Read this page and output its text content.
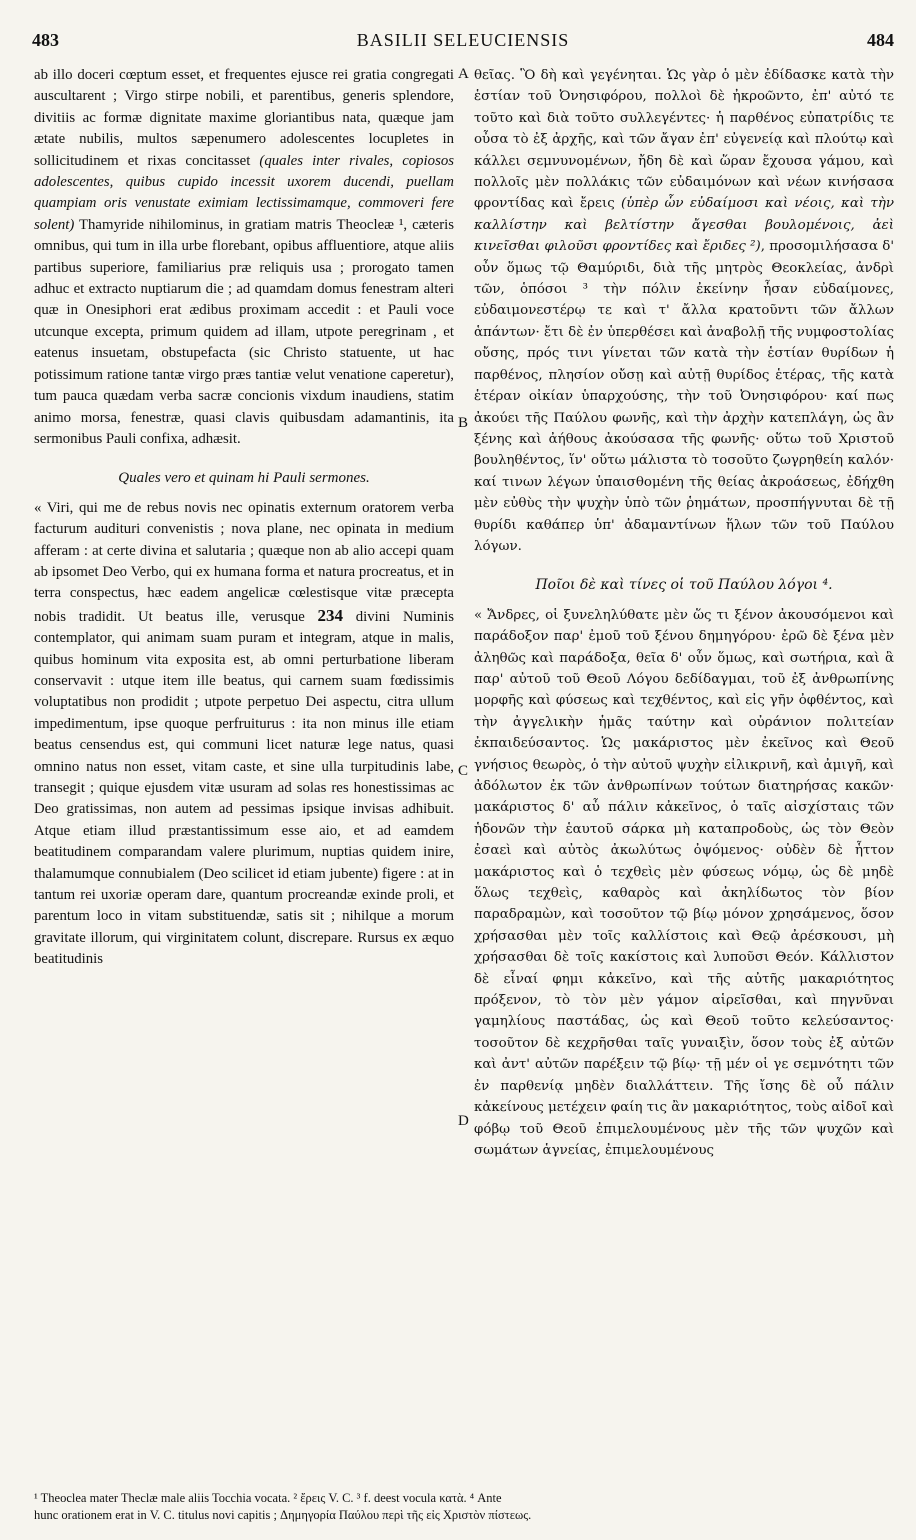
483	BASILII SELEUCIENSIS	484
A
B
C
D

ab illo doceri cœptum esset, et frequentes ejusce rei gratia congregati auscultarent ; Virgo stirpe nobili, et parentibus, generis splendore, divitiis ac formæ dignitate maxime gloriantibus nata, quæque jam ætate nubilis, multos sæpenumero adolescentes locupletes in sollicitudinem et rixas concitasset (quales inter rivales, copiosos adolescentes, quibus cupido incessit uxorem ducendi, puellam quampiam oris venustate eximiam lectissimamque, commoveri fere solent) Thamyride nihilominus, in gratiam matris Theocleæ ¹, cæteris omnibus, qui tum in illa urbe florebant, opibus affluentiore, atque aliis partibus superiore, familiarius præ reliquis usa ; prorogato tamen adhuc et extracto nuptiarum die ; ad quamdam domus fenestram alteri quæ in Onesiphori erat ædibus proximam accedit : et Pauli voce utcunque excepta, primum quidem ad illam, utpote peregrinam , et eatenus insuetam, obstupefacta (sic Christo statuente, ut hac potissimum ratione tantæ virgo præs tantiæ velut venatione caperetur), tum pauca quædam verba sacræ concionis vixdum inaudiens, statim animo morsa, fenestræ, quasi clavis quibusdam adamantinis, ita sermonibus Pauli confixa, adhæsit.

Quales vero et quinam hi Pauli sermones.

« Viri, qui me de rebus novis nec opinatis externum oratorem verba facturum audituri convenistis ; nova plane, nec opinata in medium afferam : at certe divina et salutaria ; quæque non ab alio accepi quam ab ipsomet Deo Verbo, qui ex humana forma et natura procreatus, et in terra conspectus, hæc eadem angelicæ cœlestisque vitæ præcepta nobis tradidit. Ut beatus ille, verusque 234 divini Numinis contemplator, qui animam suam puram et integram, atque in malis, quibus hominum vita exposita est, ab omni perturbatione liberam conservavit : utque item ille beatus, qui carnem suam fœdissimis voluptatibus non prodidit ; utpote perpetuo Dei aspectu, citra ullum impedimentum, ipse quoque perfruiturus : ita non minus ille etiam beatus censendus est, qui communi licet naturæ lege natus, quasi omnino natus non esset, vitam caste, et sine ulla turpitudinis labe, transegit ; quique ejusdem vitæ usuram ad solas res honestissimas ac Deo gratissimas, non autem ad pessimas ipsique invisas adhibuit. Atque etiam illud præstantissimum esse aio, et ad eamdem beatitudinem comparandam valere plurimum, nuptias quidem inire, thalamumque connubialem (Deo scilicet id etiam jubente) figere : at in tantum rei uxoriæ operam dare, quantum procreandæ exinde proli, et parentum loco in vitam substituendæ, satis sit ; nihilque a morum gravitate illorum, qui virginitatem colunt, discrepare. Rursus ex æquo beatitudinis

θεῖας. Ὃ δὴ καὶ γεγένηται. Ὡς γὰρ ὁ μὲν ἐδίδασκε κατὰ τὴν ἑστίαν τοῦ Ὀνησιφόρου, πολλοὶ δὲ ἠκροῶντο, ἐπ' αὐτό τε τοῦτο καὶ διὰ τοῦτο συλλεγέντες· ἡ παρθένος εὐπατρίδις τε οὖσα τὸ ἐξ ἀρχῆς, καὶ τῶν ἄγαν ἐπ' εὐγενείᾳ καὶ πλούτῳ καὶ κάλλει σεμνυνομένων, ἤδη δὲ καὶ ὥραν ἔχουσα γάμου, καὶ πολλοῖς μὲν πολλάκις τῶν εὐδαιμόνων καὶ νέων κινήσασα φροντίδας καὶ ἔρεις (ὑπὲρ ὧν εὐδαίμοσι καὶ νέοις, καὶ τὴν καλλίστην καὶ βελτίστην ἄγεσθαι βουλομένοις, ἀεὶ κινεῖσθαι φιλοῦσι φροντίδες καὶ ἔριδες ²), προσομιλήσασα δ' οὖν ὅμως τῷ Θαμύριδι, διὰ τῆς μητρὸς Θεοκλείας, ἀνδρὶ τῶν, ὁπόσοι ³ τὴν πόλιν ἐκείνην ἦσαν εὐδαίμονες, εὐδαιμονεστέρῳ τε καὶ τ' ἄλλα κρατοῦντι τῶν ἄλλων ἁπάντων· ἔτι δὲ ἐν ὑπερθέσει καὶ ἀναβολῇ τῆς νυμφοστολίας οὔσης, πρός τινι γίνεται τῶν κατὰ τὴν ἑστίαν θυρίδων ἡ παρθένος, πλησίον οὔσῃ καὶ αὐτῇ θυρίδος ἑτέρας, τῆς κατὰ ἑτέραν οἰκίαν ὑπαρχούσης, τὴν τοῦ Ὀνησιφόρου· καί πως ἀκούει τῆς Παύλου φωνῆς, καὶ τὴν ἀρχὴν κατεπλάγη, ὡς ἂν ξένης καὶ ἀήθους ἀκούσασα τῆς φωνῆς· οὕτω τοῦ Χριστοῦ βουληθέντος, ἵν' οὕτω μάλιστα τὸ τοσοῦτο ζωγρηθείη καλόν· καί τινων λέγων ὑπαισθομένη τῆς θείας ἀκροάσεως, ἐδήχθη μὲν εὐθὺς τὴν ψυχὴν ὑπὸ τῶν ῥημάτων, προσπήγνυται δὲ τῇ θυρίδι καθάπερ ὑπ' ἀδαμαντίνων ἥλων τῶν τοῦ Παύλου λόγων.

Ποῖοι δὲ καὶ τίνες οἱ τοῦ Παύλου λόγοι ⁴.

« Ἄνδρες, οἱ ξυνεληλύθατε μὲν ὥς τι ξένον ἀκουσόμενοι καὶ παράδοξον παρ' ἐμοῦ τοῦ ξένου δημηγόρου· ἐρῶ δὲ ξένα μὲν ἀληθῶς καὶ παράδοξα, θεῖα δ' οὖν ὅμως, καὶ σωτήρια, καὶ ἃ παρ' αὐτοῦ τοῦ Θεοῦ Λόγου δεδίδαγμαι, τοῦ ἐξ ἀνθρωπίνης μορφῆς καὶ φύσεως καὶ τεχθέντος, καὶ εἰς γῆν ὀφθέντος, καὶ τὴν ἀγγελικὴν ἡμᾶς ταύτην καὶ οὐράνιον πολιτείαν ἐκπαιδεύσαντος. Ὡς μακάριστος μὲν ἐκεῖνος καὶ Θεοῦ γνήσιος θεωρὸς, ὁ τὴν αὐτοῦ ψυχὴν εἰλικρινῆ, καὶ ἀμιγῆ, καὶ ἀδόλωτον ἐκ τῶν ἀνθρωπίνων τούτων διατηρήσας κακῶν· μακάριστος δ' αὖ πάλιν κἀκεῖνος, ὁ ταῖς αἰσχίσταις τῶν ἡδονῶν τὴν ἑαυτοῦ σάρκα μὴ καταπροδοὺς, ὡς τὸν Θεὸν ἐσαεὶ καὶ αὐτὸς ἀκωλύτως ὀψόμενος· οὐδὲν δὲ ἧττον μακάριστος καὶ ὁ τεχθεὶς μὲν φύσεως νόμῳ, ὡς δὲ μηδὲ ὅλως τεχθεὶς, καθαρὸς καὶ ἀκηλίδωτος τὸν βίον παραδραμὼν, καὶ τοσοῦτον τῷ βίῳ μόνον χρησάμενος, ὅσον χρήσασθαι μὲν τοῖς καλλίστοις καὶ Θεῷ ἀρέσκουσι, μὴ χρήσασθαι δὲ τοῖς κακίστοις καὶ λυποῦσι Θεόν. Κάλλιστον δὲ εἶναί φημι κἀκεῖνο, καὶ τῆς αὐτῆς μακαριότητος πρόξενον, τὸ τὸν μὲν γάμον αἱρεῖσθαι, καὶ πηγνῦναι γαμηλίους παστάδας, ὡς καὶ Θεοῦ τοῦτο κελεύσαντος· τοσοῦτον δὲ κεχρῆσθαι ταῖς γυναιξὶν, ὅσον τοὺς ἐξ αὐτῶν καὶ ἀντ' αὐτῶν παρέξειν τῷ βίῳ· τῇ μέν οἱ γε σεμνότητι τῶν ἐν παρθενίᾳ μηδὲν διαλλάττειν. Τῆς ἴσης δὲ οὖ πάλιν κἀκείνους μετέχειν φαίη τις ἂν μακαριότητος, τοὺς αἰδοῖ καὶ φόβῳ τοῦ Θεοῦ ἐπιμελουμένους μὲν τῆς τῶν ψυχῶν καὶ σωμάτων ἁγνείας, ἐπιμελουμένους

¹ Theoclea mater Theclæ male aliis Tocchia vocata. ² ἔρεις V. C. ³ f. deest vocula κατὰ. ⁴ Ante
hunc orationem erat in V. C. titulus novi capitis ; Δημηγορία Παύλου περὶ τῆς εἰς Χριστὸν πίστεως.
